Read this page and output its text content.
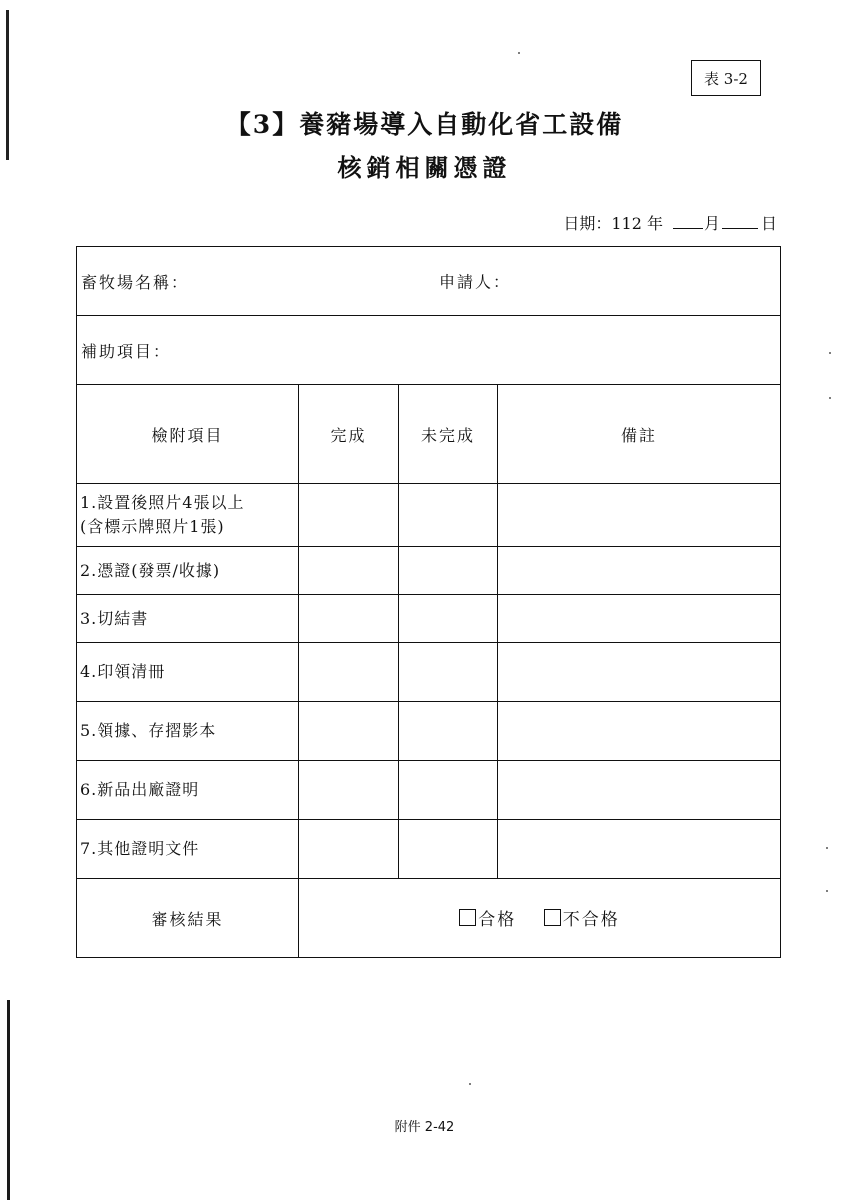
表 3-2
【3】養豬場導入自動化省工設備
核銷相關憑證
日期：112 年	月	日
畜牧場名稱： 申請人：			

補助項目：			
檢附項目	完成	未完成	備註

1.設置後照片4張以上
(含標示牌照片1張)			

2.憑證(發票/收據)			
3.切結書			
4.印領清冊			
5.領據、存摺影本			
6.新品出廠證明			
7.其他證明文件			
審核結果	合格
不合格		
附件 2-42
